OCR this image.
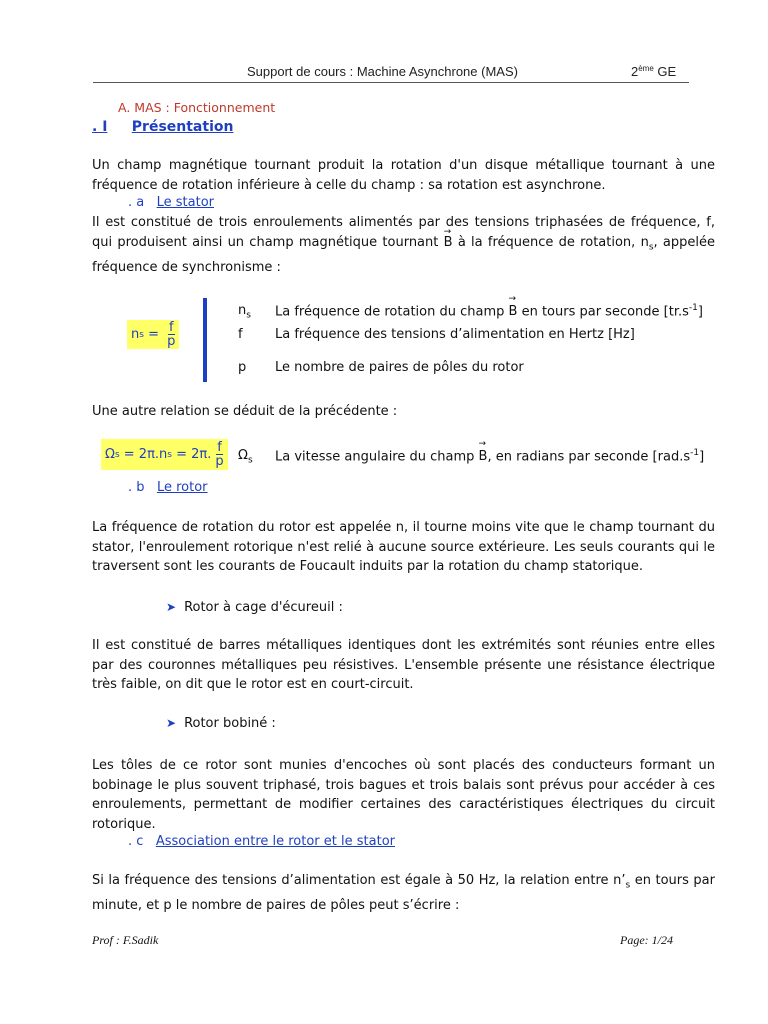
Support de cours : Machine Asynchrone (MAS)	2ème GE
A. MAS : Fonctionnement
. I Présentation
Un champ magnétique tournant produit la rotation d'un disque métallique tournant à une fréquence de rotation inférieure à celle du champ : sa rotation est asynchrone.
. a Le stator
Il est constitué de trois enroulements alimentés par des tensions triphasées de fréquence, f, qui produisent ainsi un champ magnétique tournant → B à la fréquence de rotation, $n_s$, appelée fréquence de synchronisme :
n $s = \frac{f}{p}$
$n_s$ La fréquence de rotation du champ → B en tours par seconde $[tr.s^{-1}]$
f La fréquence des tensions d’alimentation en Hertz [Hz]
p Le nombre de paires de pôles du rotor
Une autre relation se déduit de la précédente :
Ω s = 2π.n s = 2π. $\frac{f}{p} \Omega_s$ La vitesse angulaire du champ → B, en radians par seconde $[rad.s^{-1}]$
. b Le rotor
La fréquence de rotation du rotor est appelée n, il tourne moins vite que le champ tournant du stator, l'enroulement rotorique n'est relié à aucune source extérieure. Les seuls courants qui le traversent sont les courants de Foucault induits par la rotation du champ statorique.
➤ Rotor à cage d'écureuil :
Il est constitué de barres métalliques identiques dont les extrémités sont réunies entre elles par des couronnes métalliques peu résistives. L'ensemble présente une résistance électrique très faible, on dit que le rotor est en court-circuit.
➤ Rotor bobiné :
Les tôles de ce rotor sont munies d'encoches où sont placés des conducteurs formant un bobinage le plus souvent triphasé, trois bagues et trois balais sont prévus pour accéder à ces enroulements, permettant de modifier certaines des caractéristiques électriques du circuit rotorique.
. c Association entre le rotor et le stator
Si la fréquence des tensions d’alimentation est égale à 50 Hz, la relation entre $n’_s$ en tours par minute, et p le nombre de paires de pôles peut s’écrire :
Prof : F.Sadik	Page: 1/24
